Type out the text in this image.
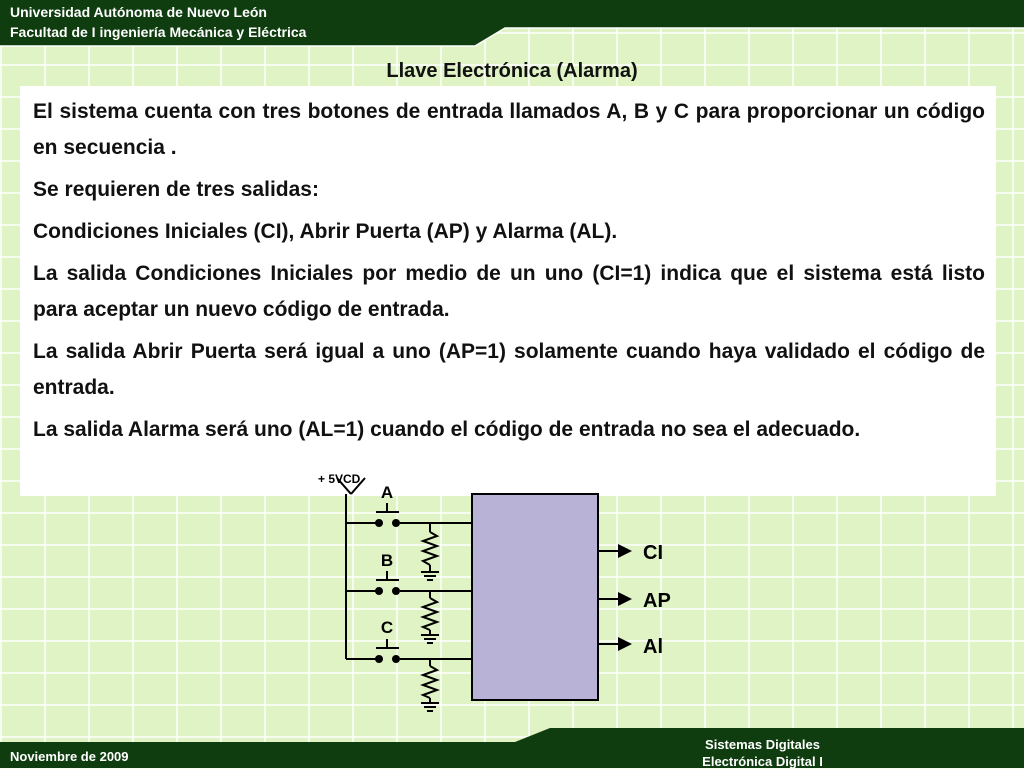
Universidad Autónoma de Nuevo León
Facultad de I ingeniería Mecánica y Eléctrica
Llave Electrónica (Alarma)

El sistema cuenta con tres botones de entrada llamados A, B y C para proporcionar un código en secuencia .

Se requieren de tres salidas:

Condiciones Iniciales (CI), Abrir Puerta (AP) y Alarma (AL).

La salida Condiciones Iniciales por medio de un uno (CI=1) indica que el sistema está listo para aceptar un nuevo código de entrada.

La salida Abrir Puerta será igual a uno (AP=1) solamente cuando haya validado el código de entrada.

La salida Alarma será uno (AL=1) cuando el código de entrada no sea el adecuado.

+ 5VCD
A
B
C
CI
AP
Al
Noviembre de 2009
Sistemas Digitales
Electrónica Digital I
